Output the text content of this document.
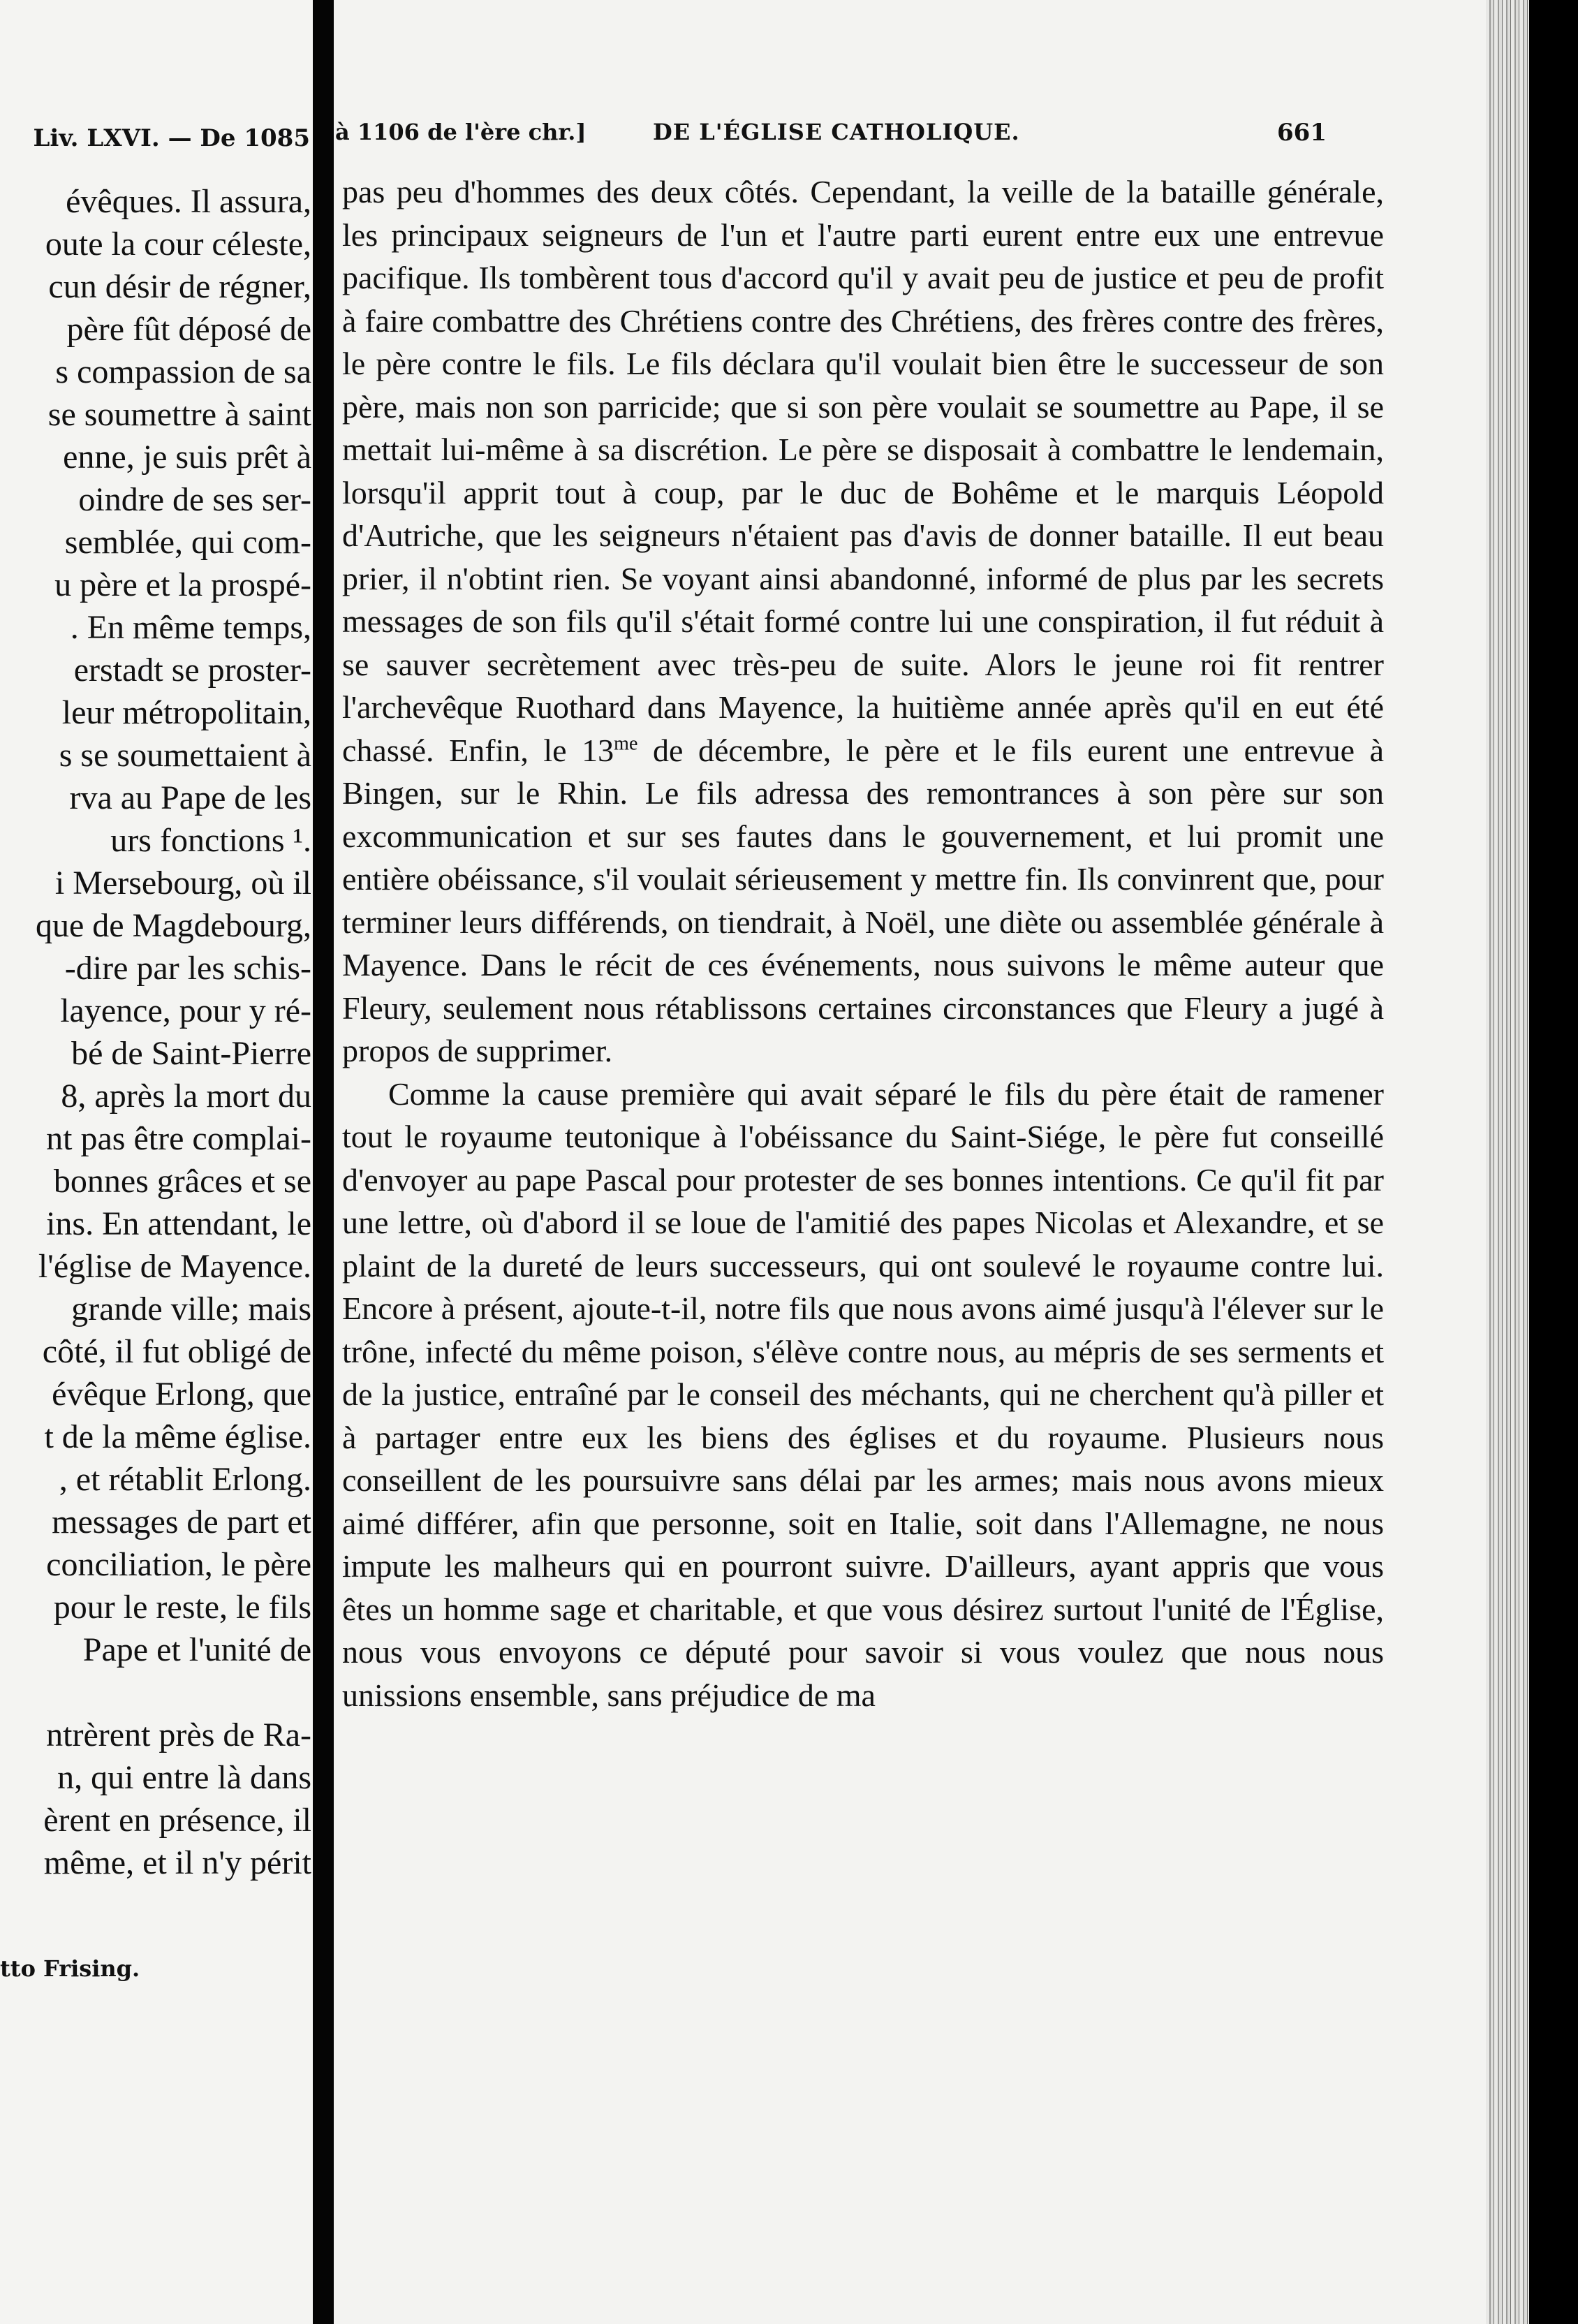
Liv. LXVI. — De 1085
évêques. Il assura,
oute la cour céleste,
cun désir de régner,
père fût déposé de
s compassion de sa
se soumettre à saint
enne, je suis prêt à
oindre de ses ser-
semblée, qui com-
u père et la prospé-
. En même temps,
erstadt se proster-
leur métropolitain,
s se soumettaient à
rva au Pape de les
urs fonctions ¹.
i Mersebourg, où il
que de Magdebourg,
-dire par les schis-
layence, pour y ré-
bé de Saint-Pierre
8, après la mort du
nt pas être complai-
bonnes grâces et se
ins. En attendant, le
l'église de Mayence.
grande ville; mais
côté, il fut obligé de
évêque Erlong, que
t de la même église.
, et rétablit Erlong.
messages de part et
conciliation, le père
pour le reste, le fils
Pape et l'unité de
ntrèrent près de Ra-
n, qui entre là dans
èrent en présence, il
même, et il n'y périt
tto Frising.
à 1106 de l'ère chr.]	DE L'ÉGLISE CATHOLIQUE.	661

pas peu d'hommes des deux côtés. Cependant, la veille de la bataille générale, les principaux seigneurs de l'un et l'autre parti eurent entre eux une entrevue pacifique. Ils tombèrent tous d'accord qu'il y avait peu de justice et peu de profit à faire combattre des Chrétiens contre des Chrétiens, des frères contre des frères, le père contre le fils. Le fils déclara qu'il voulait bien être le successeur de son père, mais non son parricide; que si son père voulait se soumettre au Pape, il se mettait lui-même à sa discrétion. Le père se disposait à combattre le lendemain, lorsqu'il apprit tout à coup, par le duc de Bohême et le marquis Léopold d'Autriche, que les seigneurs n'étaient pas d'avis de donner bataille. Il eut beau prier, il n'obtint rien. Se voyant ainsi abandonné, informé de plus par les secrets messages de son fils qu'il s'était formé contre lui une conspiration, il fut réduit à se sauver secrètement avec très-peu de suite. Alors le jeune roi fit rentrer l'archevêque Ruothard dans Mayence, la huitième année après qu'il en eut été chassé. Enfin, le $13^{me}$ de décembre, le père et le fils eurent une entrevue à Bingen, sur le Rhin. Le fils adressa des remontrances à son père sur son excommunication et sur ses fautes dans le gouvernement, et lui promit une entière obéissance, s'il voulait sérieusement y mettre fin. Ils convinrent que, pour terminer leurs différends, on tiendrait, à Noël, une diète ou assemblée générale à Mayence. Dans le récit de ces événements, nous suivons le même auteur que Fleury, seulement nous rétablissons certaines circonstances que Fleury a jugé à propos de supprimer.

Comme la cause première qui avait séparé le fils du père était de ramener tout le royaume teutonique à l'obéissance du Saint-Siége, le père fut conseillé d'envoyer au pape Pascal pour protester de ses bonnes intentions. Ce qu'il fit par une lettre, où d'abord il se loue de l'amitié des papes Nicolas et Alexandre, et se plaint de la dureté de leurs successeurs, qui ont soulevé le royaume contre lui. Encore à présent, ajoute-t-il, notre fils que nous avons aimé jusqu'à l'élever sur le trône, infecté du même poison, s'élève contre nous, au mépris de ses serments et de la justice, entraîné par le conseil des méchants, qui ne cherchent qu'à piller et à partager entre eux les biens des églises et du royaume. Plusieurs nous conseillent de les poursuivre sans délai par les armes; mais nous avons mieux aimé différer, afin que personne, soit en Italie, soit dans l'Allemagne, ne nous impute les malheurs qui en pourront suivre. D'ailleurs, ayant appris que vous êtes un homme sage et charitable, et que vous désirez surtout l'unité de l'Église, nous vous envoyons ce député pour savoir si vous voulez que nous nous unissions ensemble, sans préjudice de ma
